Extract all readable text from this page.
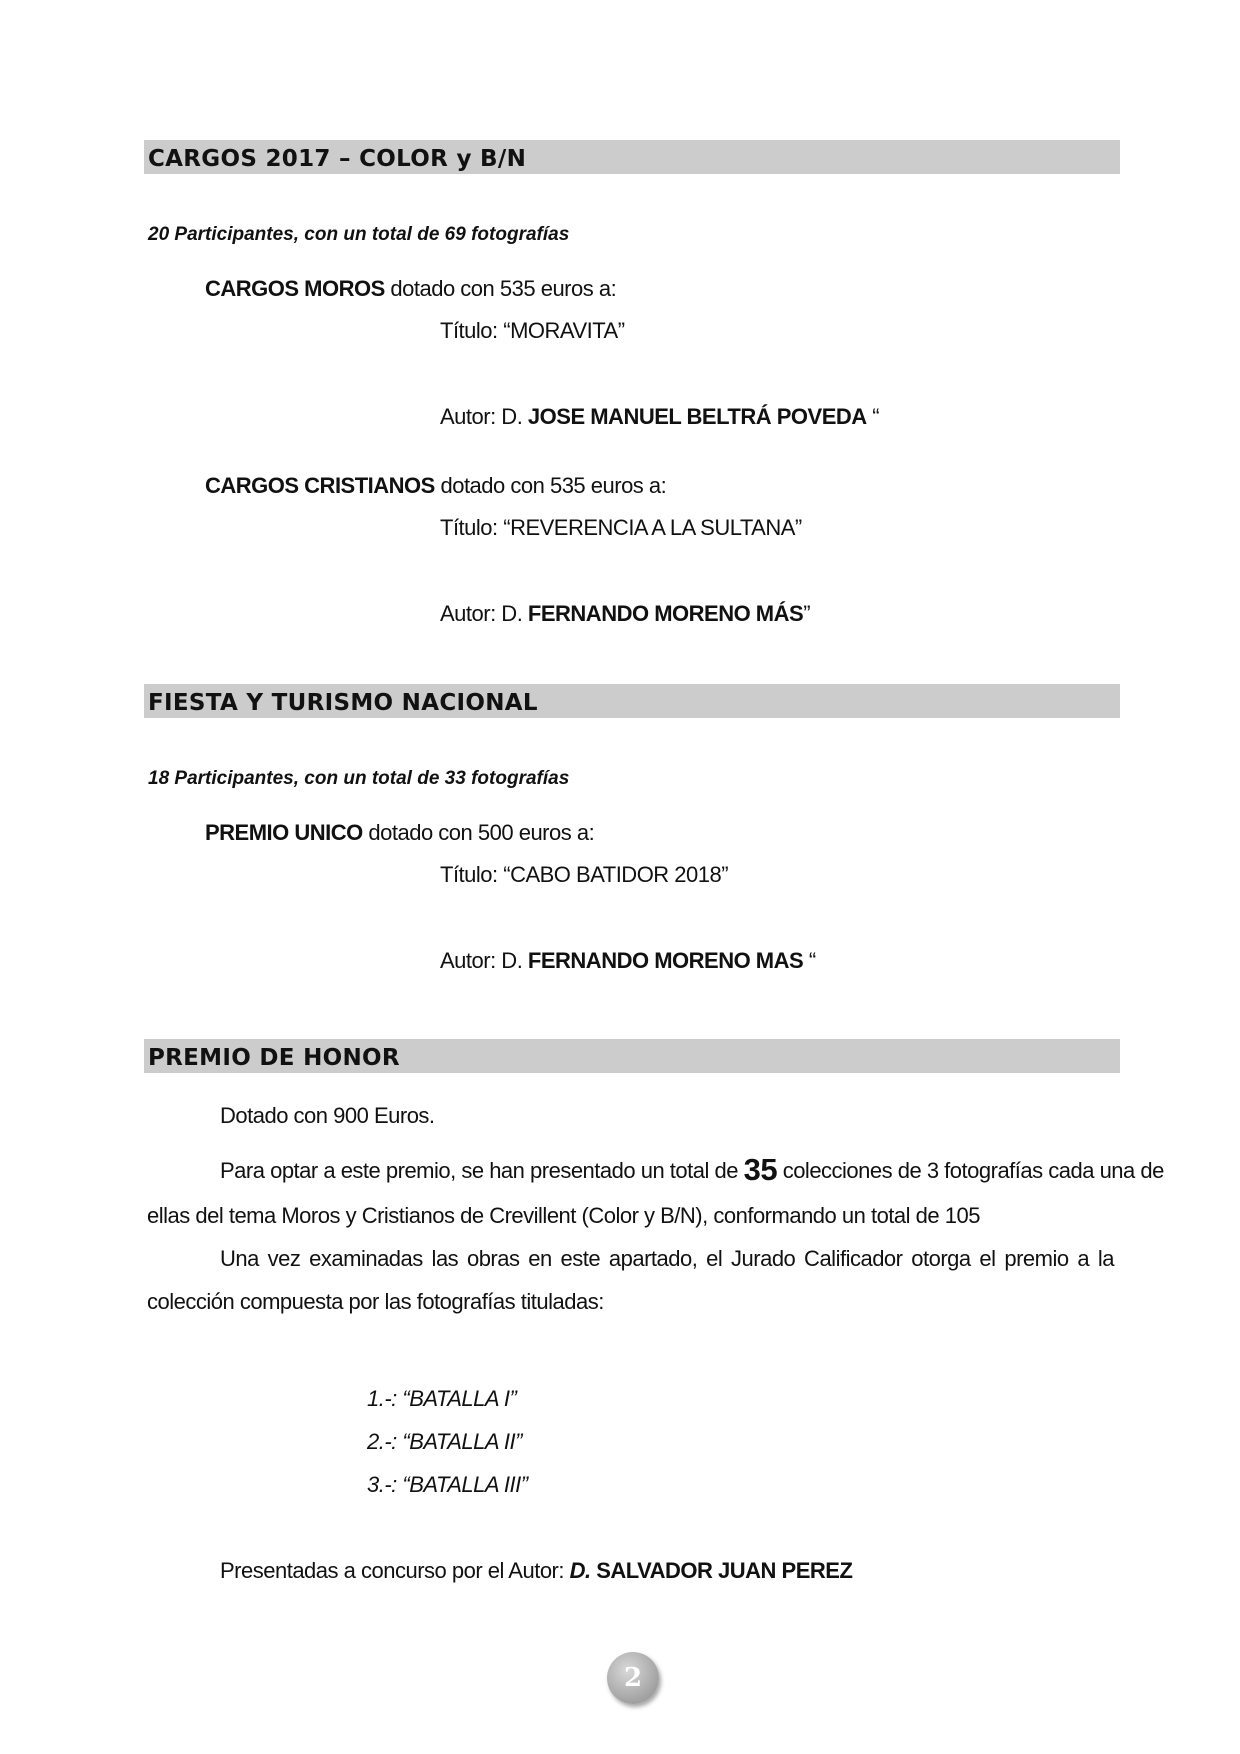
CARGOS 2017 – COLOR y B/N
20 Participantes, con un total de 69 fotografías
CARGOS MOROS dotado con 535 euros a:
Título: “MORAVITA”
Autor: D. JOSE MANUEL BELTRÁ POVEDA “
CARGOS CRISTIANOS dotado con 535 euros a:
Título: “REVERENCIA A LA SULTANA”
Autor: D. FERNANDO MORENO MÁS”
FIESTA Y TURISMO NACIONAL
18 Participantes, con un total de 33 fotografías
PREMIO UNICO dotado con 500 euros a:
Título: “CABO BATIDOR 2018”
Autor: D. FERNANDO MORENO MAS “
PREMIO DE HONOR
Dotado con 900 Euros.
Para optar a este premio, se han presentado un total de 35 colecciones de 3 fotografías cada una de
ellas del tema Moros y Cristianos de Crevillent (Color y B/N), conformando un total de 105
Una vez examinadas las obras en este apartado, el Jurado Calificador otorga el premio a la
colección compuesta por las fotografías tituladas:
1.-: “BATALLA I”
2.-: “BATALLA II”
3.-: “BATALLA III”
Presentadas a concurso por el Autor: D. SALVADOR JUAN PEREZ
2
